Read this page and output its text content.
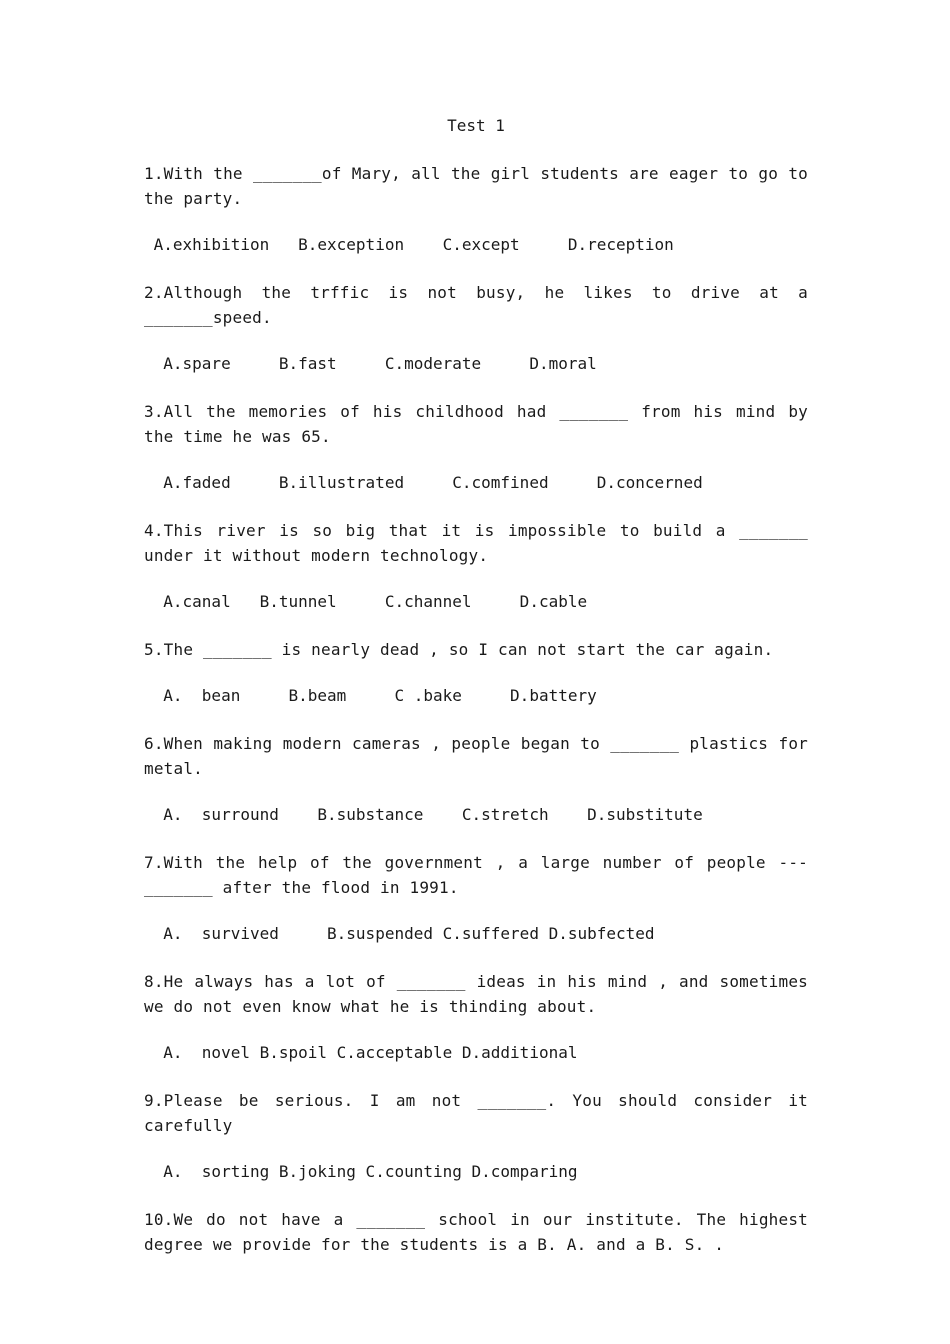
Test 1

1.With the _______of Mary, all the girl students are eager to go to the party.

A.exhibition   B.exception    C.except     D.reception

2.Although the trffic is not busy, he likes to drive at a _______speed.

A.spare     B.fast     C.moderate     D.moral

3.All the memories of his childhood had _______ from his mind by the time he was 65.

A.faded     B.illustrated     C.comfined     D.concerned

4.This river is so big that it is impossible to build a _______ under it without modern technology.

A.canal   B.tunnel     C.channel     D.cable

5.The _______ is nearly dead , so I can not start the car again.

A.  bean     B.beam     C .bake     D.battery

6.When making modern cameras , people began to _______ plastics for metal.

A.  surround    B.substance    C.stretch    D.substitute

7.With the help of the government , a large number of people ---_______ after the flood in 1991.

A.  survived     B.suspended C.suffered D.subfected

8.He always has a lot of _______ ideas in his mind , and sometimes we do not even know what he is thinding about.

A.  novel B.spoil C.acceptable D.additional

9.Please be serious. I am not _______. You should consider it carefully

A.  sorting B.joking C.counting D.comparing

10.We do not have a _______ school in our institute. The highest degree we provide for the students is a B. A. and a B. S. .
